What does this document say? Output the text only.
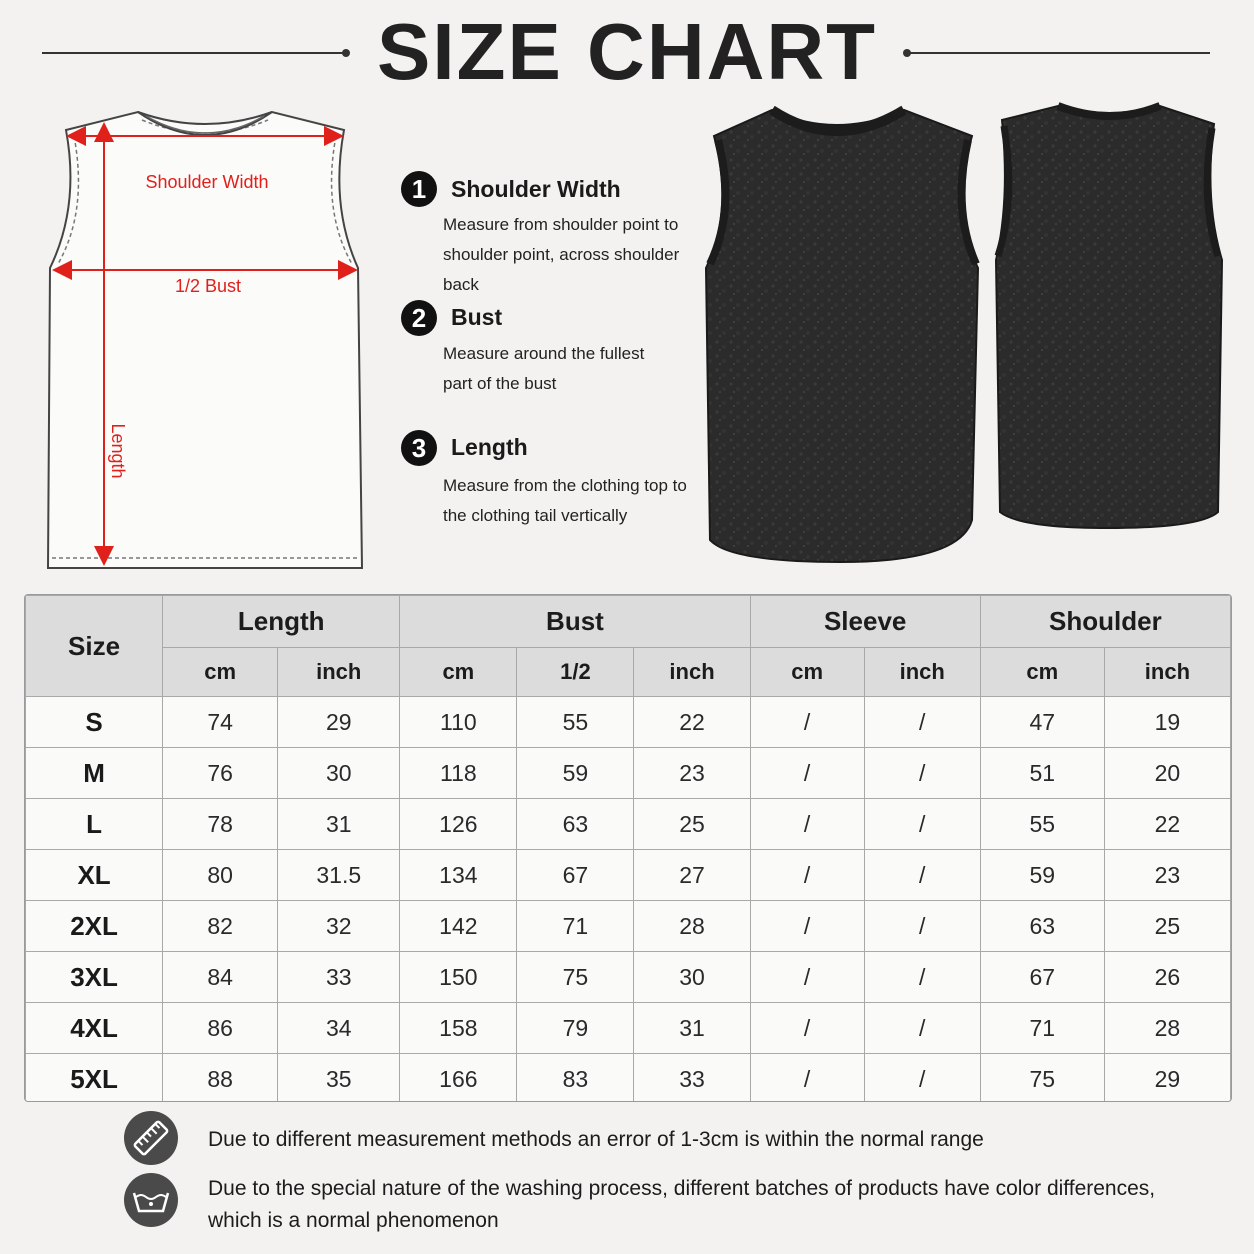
SIZE CHART
Shoulder Width
1/2 Bust
Length
1	Shoulder Width
Measure from shoulder point to shoulder point, across shoulder back
2	Bust
Measure around the fullest part of the bust
3	Length
Measure from the clothing top to the clothing tail vertically
Size	Length		Bust			Sleeve		Shoulder	
	cm	inch	cm	1/2	inch	cm	inch	cm	inch
S	74	29	110	55	22	/	/	47	19
M	76	30	118	59	23	/	/	51	20
L	78	31	126	63	25	/	/	55	22
XL	80	31.5	134	67	27	/	/	59	23
2XL	82	32	142	71	28	/	/	63	25
3XL	84	33	150	75	30	/	/	67	26
4XL	86	34	158	79	31	/	/	71	28
5XL	88	35	166	83	33	/	/	75	29
Due to different measurement methods an error of 1-3cm is within the normal range
Due to the special nature of the washing process, different batches of products have color differences, which is a normal phenomenon
